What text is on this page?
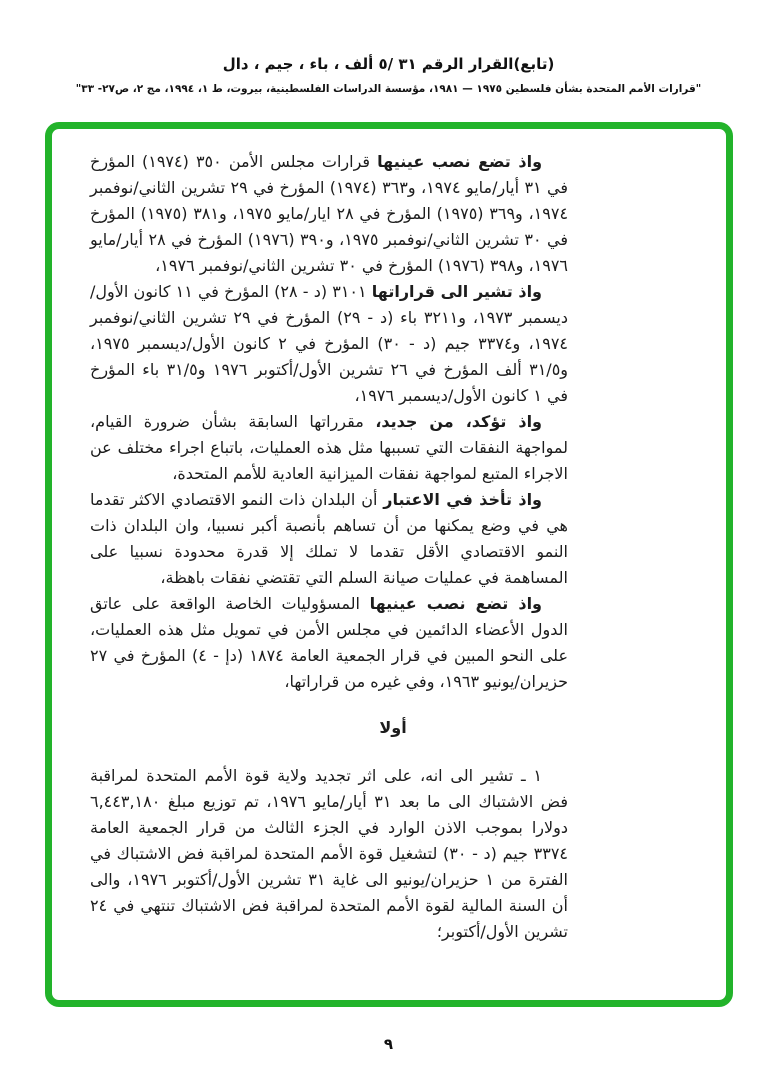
(تابع)القرار الرقم ٣١ /٥ ألف ، باء ، جيم ، دال
"قرارات الأمم المتحدة بشأن فلسطين ١٩٧٥ — ١٩٨١، مؤسسة الدراسات الفلسطينية، بيروت، ط ١، ١٩٩٤، مج ٢، ص٢٧- ٣٣"

واذ تضع نصب عينيها قرارات مجلس الأمن ٣٥٠ (١٩٧٤) المؤرخ في ٣١ أيار/مايو ١٩٧٤، و٣٦٣ (١٩٧٤) المؤرخ في ٢٩ تشرين الثاني/نوفمبر ١٩٧٤، و٣٦٩ (١٩٧٥) المؤرخ في ٢٨ ايار/مايو ١٩٧٥، و٣٨١ (١٩٧٥) المؤرخ في ٣٠ تشرين الثاني/نوفمبر ١٩٧٥، و٣٩٠ (١٩٧٦) المؤرخ في ٢٨ أيار/مايو ١٩٧٦، و٣٩٨ (١٩٧٦) المؤرخ في ٣٠ تشرين الثاني/نوفمبر ١٩٧٦،

واذ تشير الى قراراتها ٣١٠١ (د - ٢٨) المؤرخ في ١١ كانون الأول/ديسمبر ١٩٧٣، و٣٢١١ باء (د - ٢٩) المؤرخ في ٢٩ تشرين الثاني/نوفمبر ١٩٧٤، و٣٣٧٤ جيم (د - ٣٠) المؤرخ في ٢ كانون الأول/ديسمبر ١٩٧٥، و٣١/٥ ألف المؤرخ في ٢٦ تشرين الأول/أكتوبر ١٩٧٦ و٣١/٥ باء المؤرخ في ١ كانون الأول/ديسمبر ١٩٧٦،

واذ تؤكد، من جديد، مقرراتها السابقة بشأن ضرورة القيام، لمواجهة النفقات التي تسببها مثل هذه العمليات، باتباع اجراء مختلف عن الاجراء المتبع لمواجهة نفقات الميزانية العادية للأمم المتحدة،

واذ تأخذ في الاعتبار أن البلدان ذات النمو الاقتصادي الاكثر تقدما هي في وضع يمكنها من أن تساهم بأنصبة أكبر نسبيا، وان البلدان ذات النمو الاقتصادي الأقل تقدما لا تملك إلا قدرة محدودة نسبيا على المساهمة في عمليات صيانة السلم التي تقتضي نفقات باهظة،

واذ تضع نصب عينيها المسؤوليات الخاصة الواقعة على عاتق الدول الأعضاء الدائمين في مجلس الأمن في تمويل مثل هذه العمليات، على النحو المبين في قرار الجمعية العامة ١٨٧٤ (دإ - ٤) المؤرخ في ٢٧ حزيران/يونيو ١٩٦٣، وفي غيره من قراراتها،

أولا

١ ـ تشير الى انه، على اثر تجديد ولاية قوة الأمم المتحدة لمراقبة فض الاشتباك الى ما بعد ٣١ أيار/مايو ١٩٧٦، تم توزيع مبلغ ٦,٤٤٣,١٨٠ دولارا بموجب الاذن الوارد في الجزء الثالث من قرار الجمعية العامة ٣٣٧٤ جيم (د - ٣٠) لتشغيل قوة الأمم المتحدة لمراقبة فض الاشتباك في الفترة من ١ حزيران/يونيو الى غاية ٣١ تشرين الأول/أكتوبر ١٩٧٦، والى أن السنة المالية لقوة الأمم المتحدة لمراقبة فض الاشتباك تنتهي في ٢٤ تشرين الأول/أكتوبر؛

٩
